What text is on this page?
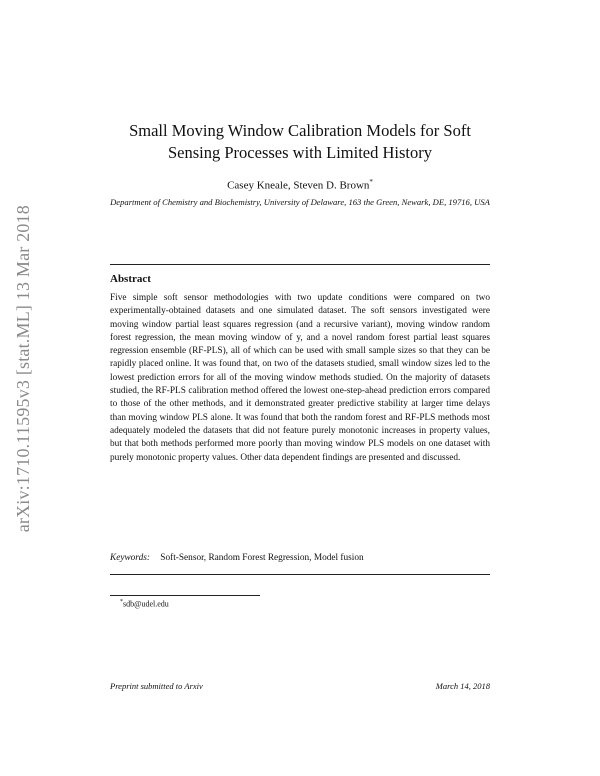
arXiv:1710.11595v3 [stat.ML] 13 Mar 2018
Small Moving Window Calibration Models for Soft Sensing Processes with Limited History
Casey Kneale, Steven D. Brown*
Department of Chemistry and Biochemistry, University of Delaware, 163 the Green, Newark, DE, 19716, USA
Abstract

Five simple soft sensor methodologies with two update conditions were compared on two experimentally-obtained datasets and one simulated dataset. The soft sensors investigated were moving window partial least squares regression (and a recursive variant), moving window random forest regression, the mean moving window of y, and a novel random forest partial least squares regression ensemble (RF-PLS), all of which can be used with small sample sizes so that they can be rapidly placed online. It was found that, on two of the datasets studied, small window sizes led to the lowest prediction errors for all of the moving window methods studied. On the majority of datasets studied, the RF-PLS calibration method offered the lowest one-step-ahead prediction errors compared to those of the other methods, and it demonstrated greater predictive stability at larger time delays than moving window PLS alone. It was found that both the random forest and RF-PLS methods most adequately modeled the datasets that did not feature purely monotonic increases in property values, but that both methods performed more poorly than moving window PLS models on one dataset with purely monotonic property values. Other data dependent findings are presented and discussed.

Keywords: Soft-Sensor, Random Forest Regression, Model fusion
*sdb@udel.edu
Preprint submitted to Arxiv	March 14, 2018
